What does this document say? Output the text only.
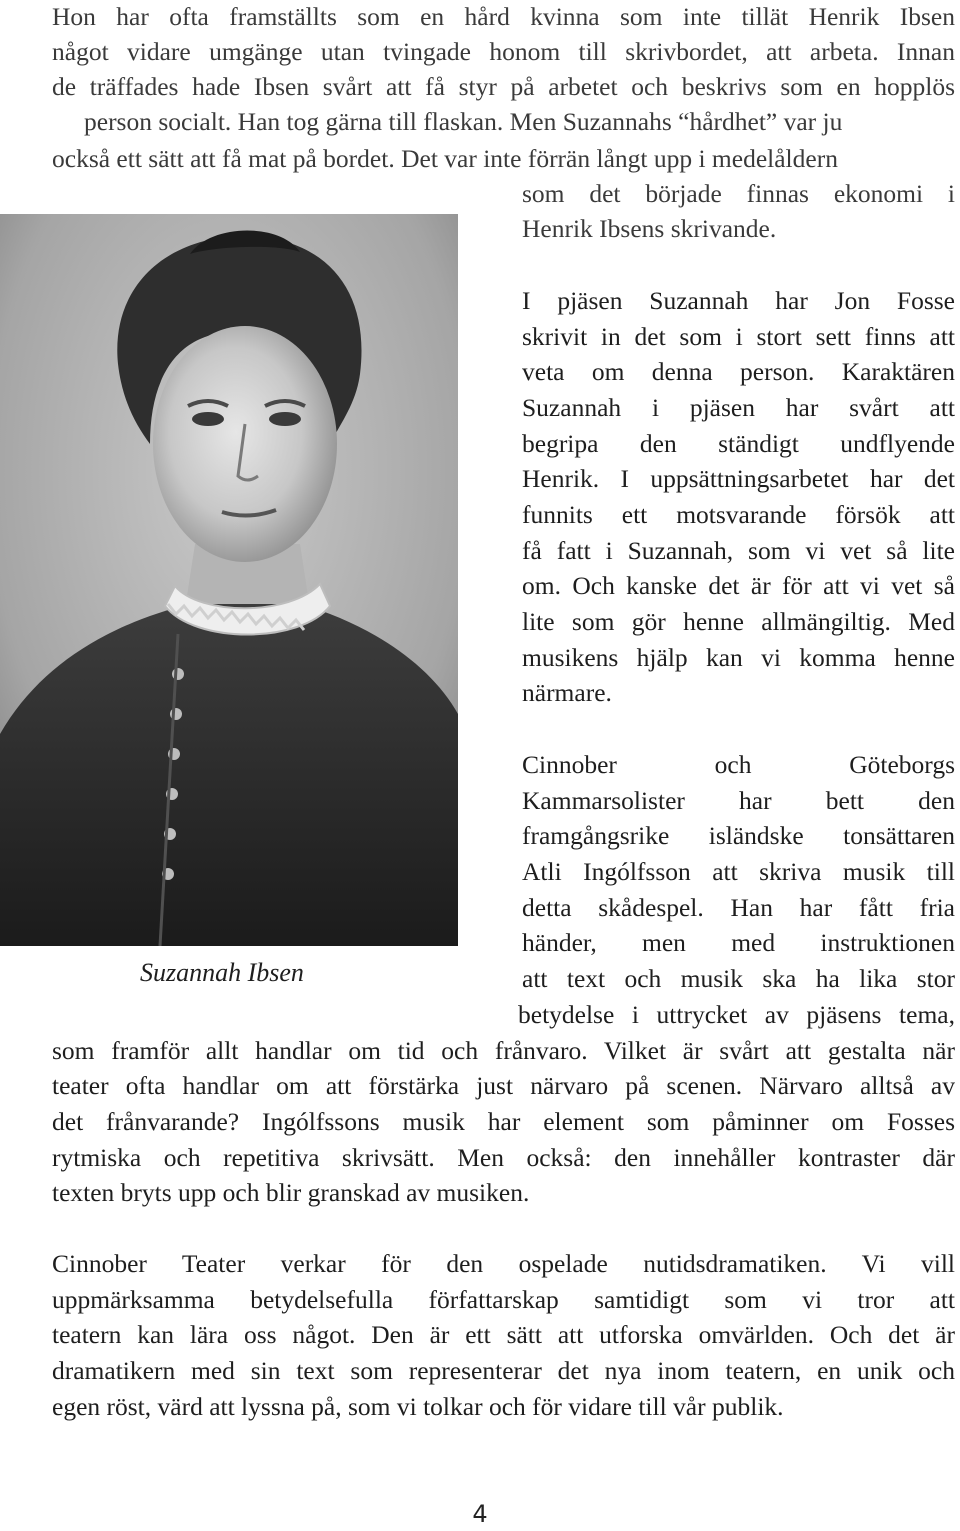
Hon har ofta framställts som en hård kvinna som inte tillät Henrik Ibsen
något vidare umgänge utan tvingade honom till skrivbordet, att arbeta. Innan
de träffades hade Ibsen svårt att få styr på arbetet och beskrivs som en hopplös
person socialt. Han tog gärna till flaskan. Men Suzannahs “hårdhet” var ju
också ett sätt att få mat på bordet. Det var inte förrän långt upp i medelåldern
som det började finnas ekonomi i
Henrik Ibsens skrivande.
I pjäsen Suzannah har Jon Fosse
skrivit in det som i stort sett finns att
veta om denna person. Karaktären
Suzannah i pjäsen har svårt att
begripa den ständigt undflyende
Henrik. I uppsättningsarbetet har det
funnits ett motsvarande försök att
få fatt i Suzannah, som vi vet så lite
om. Och kanske det är för att vi vet så
lite som gör henne allmängiltig. Med
musikens hjälp kan vi komma henne
närmare.
Cinnober och Göteborgs
Kammarsolister har bett den
framgångsrike isländske tonsättaren
Atli Ingólfsson att skriva musik till
detta skådespel. Han har fått fria
händer, men med instruktionen
att text och musik ska ha lika stor
betydelse i uttrycket av pjäsens tema,
Suzannah Ibsen
som framför allt handlar om tid och frånvaro. Vilket är svårt att gestalta när
teater ofta handlar om att förstärka just närvaro på scenen. Närvaro alltså av
det frånvarande? Ingólfssons musik har element som påminner om Fosses
rytmiska och repetitiva skrivsätt. Men också: den innehåller kontraster där
texten bryts upp och blir granskad av musiken.
Cinnober Teater verkar för den ospelade nutidsdramatiken. Vi vill
uppmärksamma betydelsefulla författarskap samtidigt som vi tror att
teatern kan lära oss något. Den är ett sätt att utforska omvärlden. Och det är
dramatikern med sin text som representerar det nya inom teatern, en unik och
egen röst, värd att lyssna på, som vi tolkar och för vidare till vår publik.
4
